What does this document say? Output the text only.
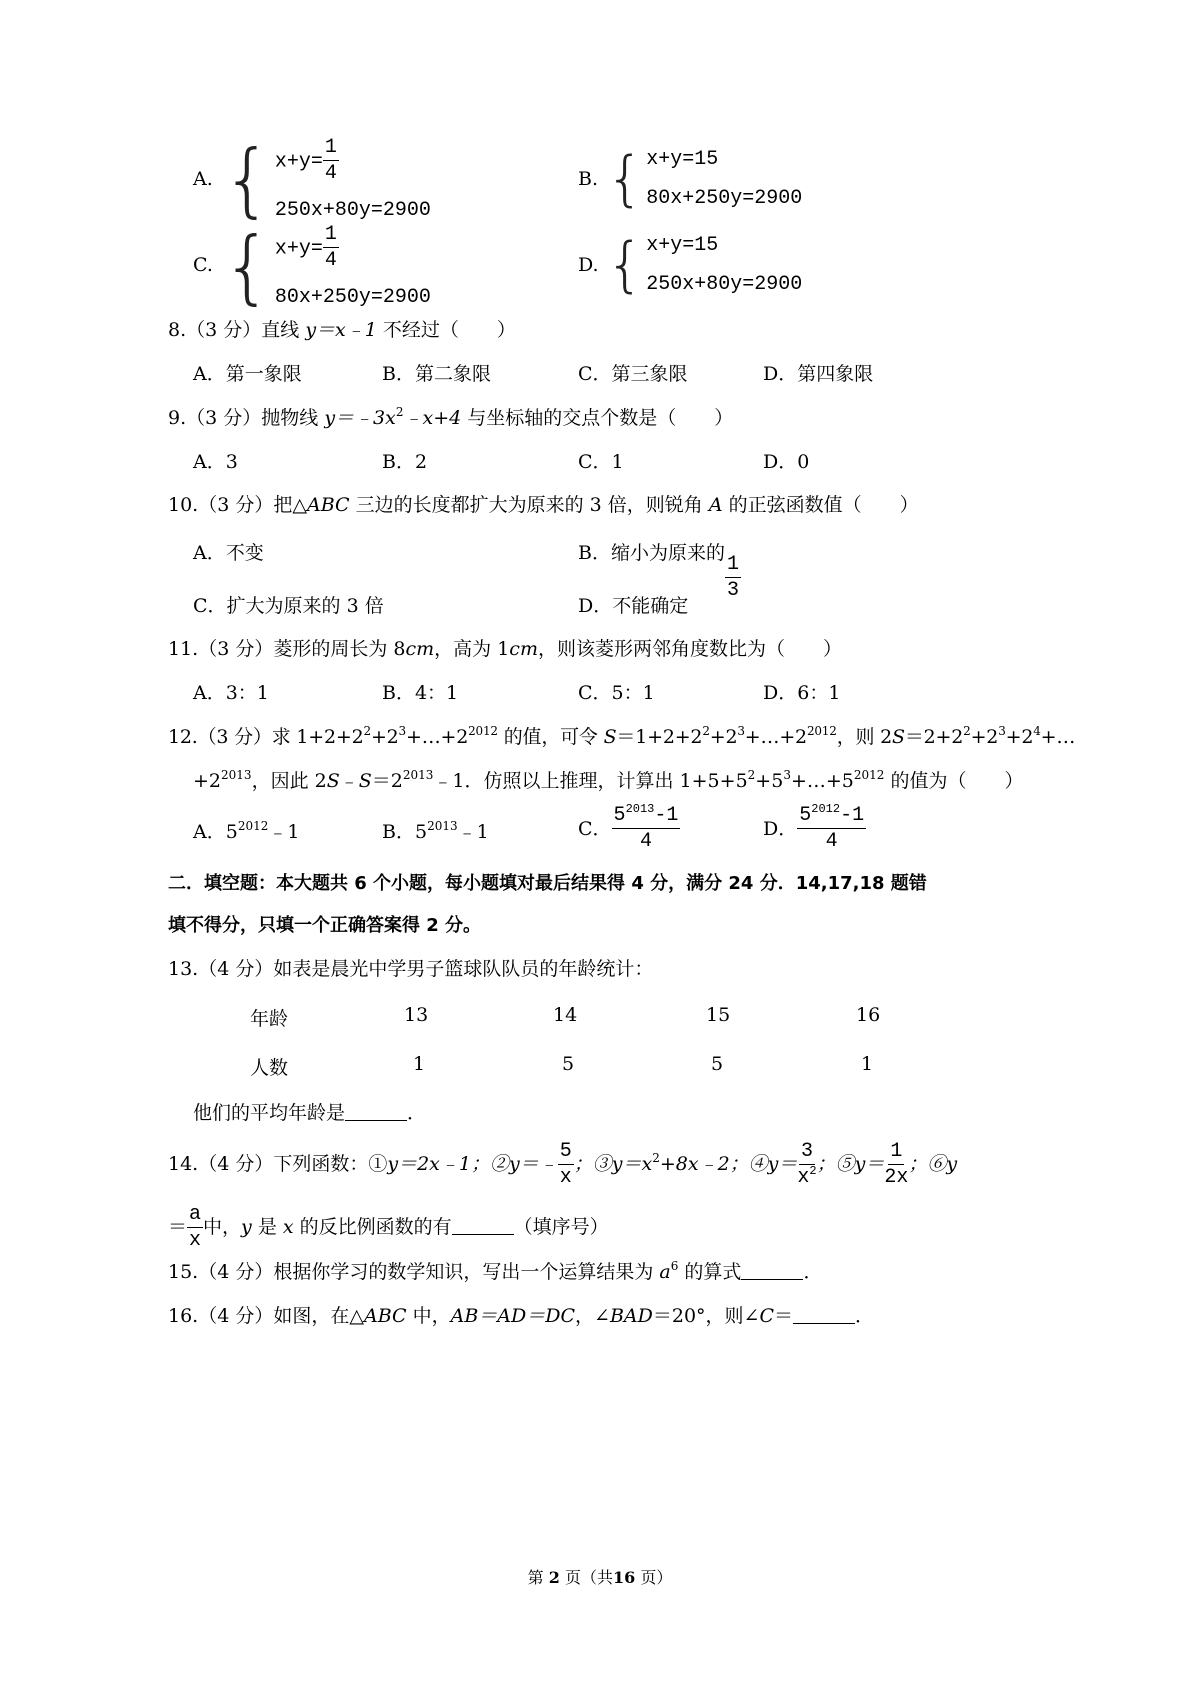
A. { $x+y= \frac{1}{4}$
250x+80y=2900
B. { x+y=15
80x+250y=2900
C. { $x+y= \frac{1}{4}$
80x+250y=2900
D. { x+y=15
250x+80y=2900
8.（3 分）直线 y＝x﹣1 不经过（　　）
A．第一象限	B．第二象限	C．第三象限	D．第四象限
9.（3 分）抛物线 $y=﹣3x^2﹣x+4$ 与坐标轴的交点个数是（　　）
A．3	B．2	C．1	D．0
10.（3 分）把△ABC 三边的长度都扩大为原来的 3 倍，则锐角 A 的正弦函数值（　　）
A．不变	B．缩小为原来的
$\frac{1}{3}$
C．扩大为原来的 3 倍	D．不能确定
11.（3 分）菱形的周长为 8cm，高为 1cm，则该菱形两邻角度数比为（　　）
A．3：1	B．4：1	C．5：1	D．6：1
12.（3 分）求 $1+2+2^2+2^3+\dots+2^{2012}$ 的值，可令 $S=1+2+2^2+2^3+\dots+2^{2012}$，则 $2S=2+2^2+2^3+2^4+\dots$
$+2^{2013}$，因此 $2S﹣S=2^{2013}﹣1$．仿照以上推理，计算出 $1+5+5^2+5^3+\dots+5^{2012}$ 的值为（　　）
A．$5^{2012}﹣1$	B．$5^{2013}﹣1$	C． $\frac{5^{2013}-1}{4}$	D． $\frac{5^{2012}-1}{4}$
二．填空题：本大题共 6 个小题，每小题填对最后结果得 4 分，满分 24 分．14,17,18 题错
填不得分，只填一个正确答案得 2 分。
13.（4 分）如表是晨光中学男子篮球队队员的年龄统计：
年龄	13	14	15	16
人数	1	5	5	1
他们的平均年龄是	．
14.（4 分）下列函数：①y＝2x﹣1；②y＝﹣ $\frac{5}{x}$ ；$③y=x^2+8x﹣2$；④y＝ $\frac{3}{x^2}$ ；⑤y＝ $\frac{1}{2x}$ ；⑥y
＝ $\frac{a}{x}$ 中，y 是 x 的反比例函数的有	（填序号）
15.（4 分）根据你学习的数学知识，写出一个运算结果为 $a^6$ 的算式	．
16.（4 分）如图，在△ABC 中，AB＝AD＝DC，∠BAD＝20°，则∠C＝	．
第 2 页（共16 页）
